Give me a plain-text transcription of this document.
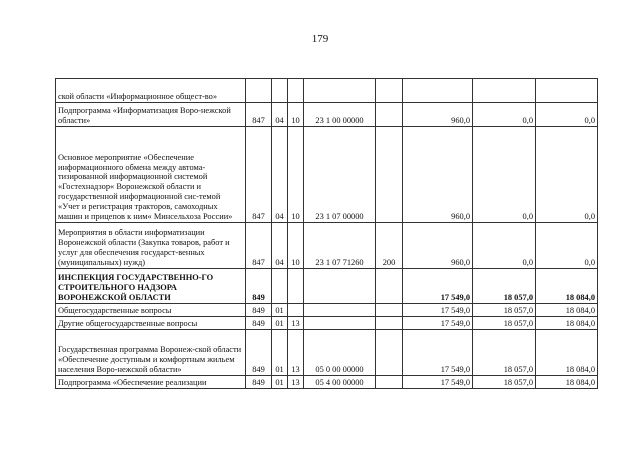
179
ской области «Информационное общест-во»								
Подпрограмма «Информатизация Воро-нежской области»	847	04	10	23 1 00 00000		960,0	0,0	0,0
Основное мероприятие «Обеспечение информационного обмена между автома-тизированной информационной системой «Гостехнадзор« Воронежской области и государственной информационной сис-темой «Учет и регистрация тракторов, самоходных машин и прицепов к ним« Минсельхоза России»	847	04	10	23 1 07 00000		960,0	0,0	0,0
Мероприятия в области информатизации Воронежской области (Закупка товаров, работ и услуг для обеспечения государст-венных (муниципальных) нужд)	847	04	10	23 1 07 71260	200	960,0	0,0	0,0
ИНСПЕКЦИЯ ГОСУДАРСТВЕННО-ГО СТРОИТЕЛЬНОГО НАДЗОРА ВОРОНЕЖСКОЙ ОБЛАСТИ	849					17 549,0	18 057,0	18 084,0
Общегосударственные вопросы	849	01				17 549,0	18 057,0	18 084,0
Другие общегосударственные вопросы	849	01	13			17 549,0	18 057,0	18 084,0
Государственная программа Воронеж-ской области «Обеспечение доступным и комфортным жильем населения Воро-нежской области»	849	01	13	05 0 00 00000		17 549,0	18 057,0	18 084,0
Подпрограмма «Обеспечение реализации	849	01	13	05 4 00 00000		17 549,0	18 057,0	18 084,0
